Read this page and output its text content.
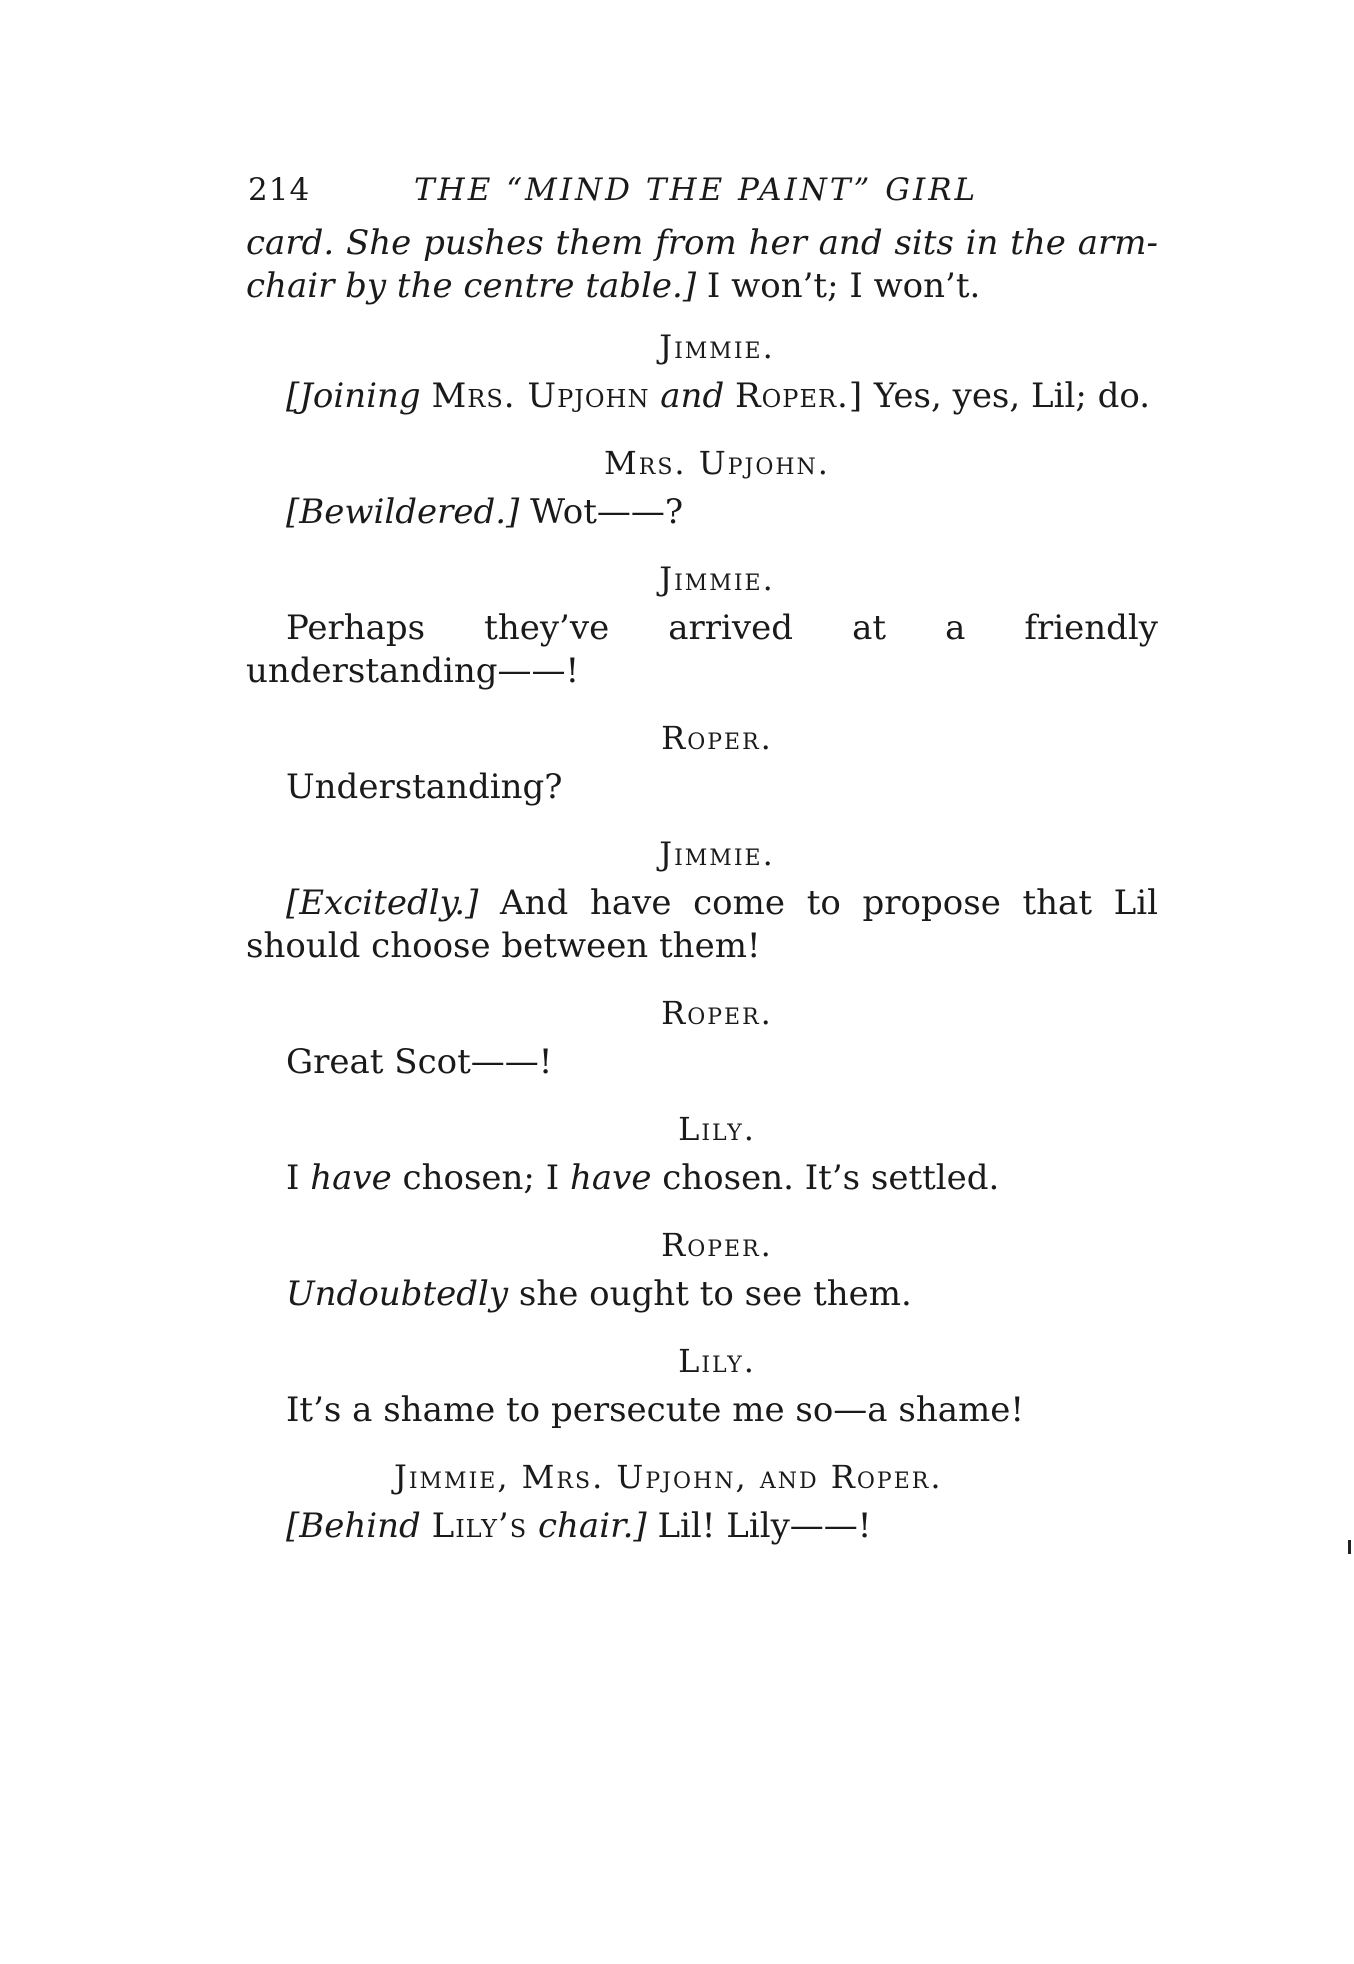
214	THE “MIND THE PAINT” GIRL

card. She pushes them from her and sits in the arm-chair by the centre table.] I won’t; I won’t.

Jimmie.

[Joining Mrs. Upjohn and Roper.] Yes, yes, Lil; do.

Mrs. Upjohn.

[Bewildered.] Wot——?

Jimmie.

Perhaps they’ve arrived at a friendly understanding——!

Roper.

Understanding?

Jimmie.

[Excitedly.] And have come to propose that Lil should choose between them!

Roper.

Great Scot——!

Lily.

I have chosen; I have chosen. It’s settled.

Roper.

Undoubtedly she ought to see them.

Lily.

It’s a shame to persecute me so—a shame!

Jimmie, Mrs. Upjohn, and Roper.

[Behind Lily’s chair.] Lil! Lily——!
